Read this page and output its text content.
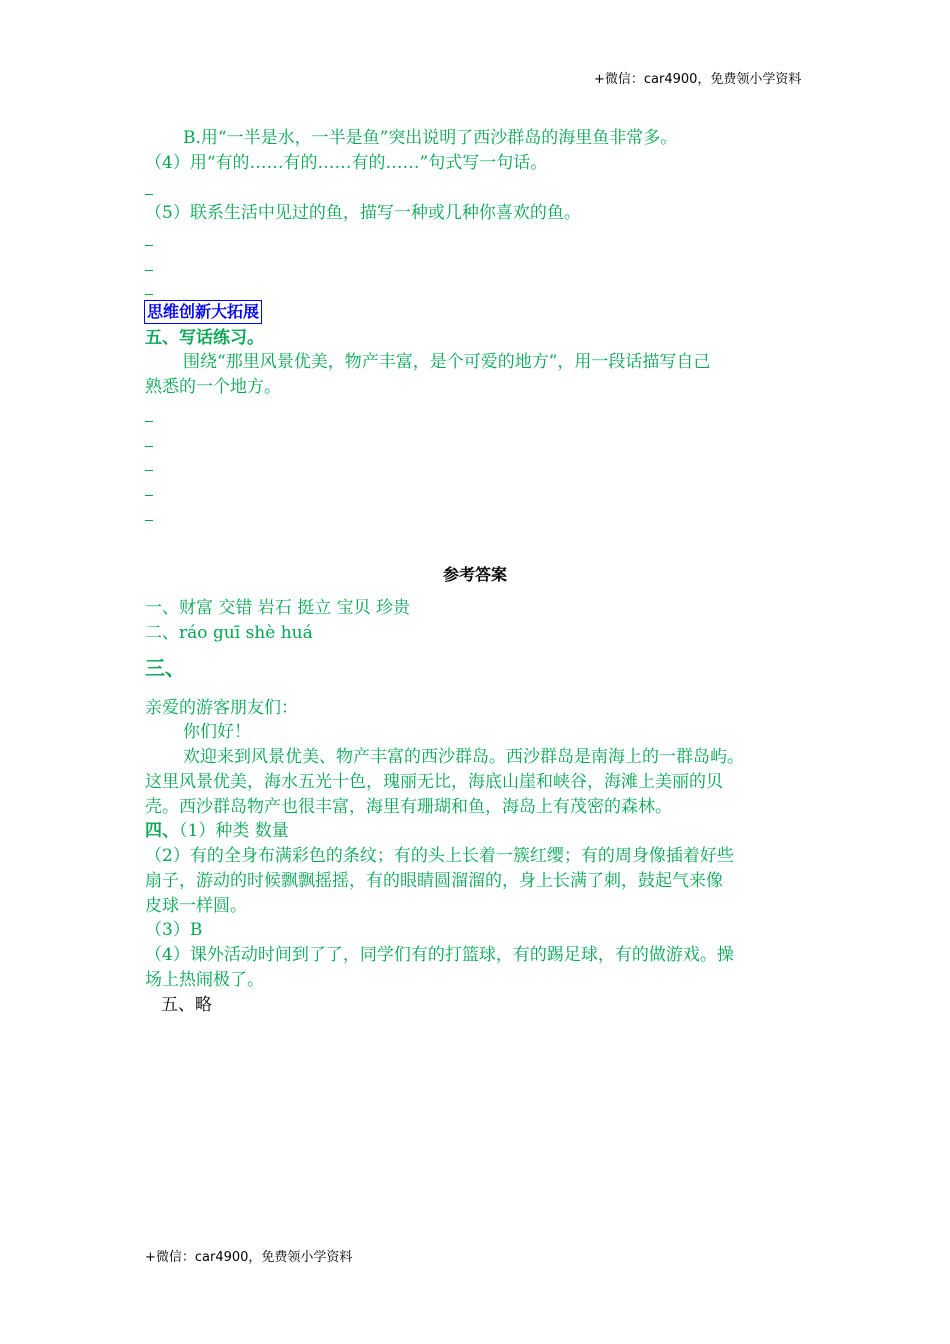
+微信：car4900，免费领小学资料
B.用“一半是水，一半是鱼”突出说明了西沙群岛的海里鱼非常多。
（4）用“有的……有的……有的……”句式写一句话。
（5）联系生活中见过的鱼，描写一种或几种你喜欢的鱼。
思维创新大拓展
五、写话练习。
围绕“那里风景优美，物产丰富，是个可爱的地方”，用一段话描写自己
熟悉的一个地方。
参考答案
一、财富 交错 岩石 挺立 宝贝 珍贵
二、ráo guī shè huá
三、
亲爱的游客朋友们：
你们好！
欢迎来到风景优美、物产丰富的西沙群岛。西沙群岛是南海上的一群岛屿。
这里风景优美，海水五光十色，瑰丽无比，海底山崖和峡谷，海滩上美丽的贝
壳。西沙群岛物产也很丰富，海里有珊瑚和鱼，海岛上有茂密的森林。
四、（1）种类 数量
（2）有的全身布满彩色的条纹；有的头上长着一簇红缨；有的周身像插着好些
扇子，游动的时候飘飘摇摇，有的眼睛圆溜溜的，身上长满了刺，鼓起气来像
皮球一样圆。
（3）B
（4）课外活动时间到了了，同学们有的打篮球，有的踢足球，有的做游戏。操
场上热闹极了。
五、略
+微信：car4900，免费领小学资料
